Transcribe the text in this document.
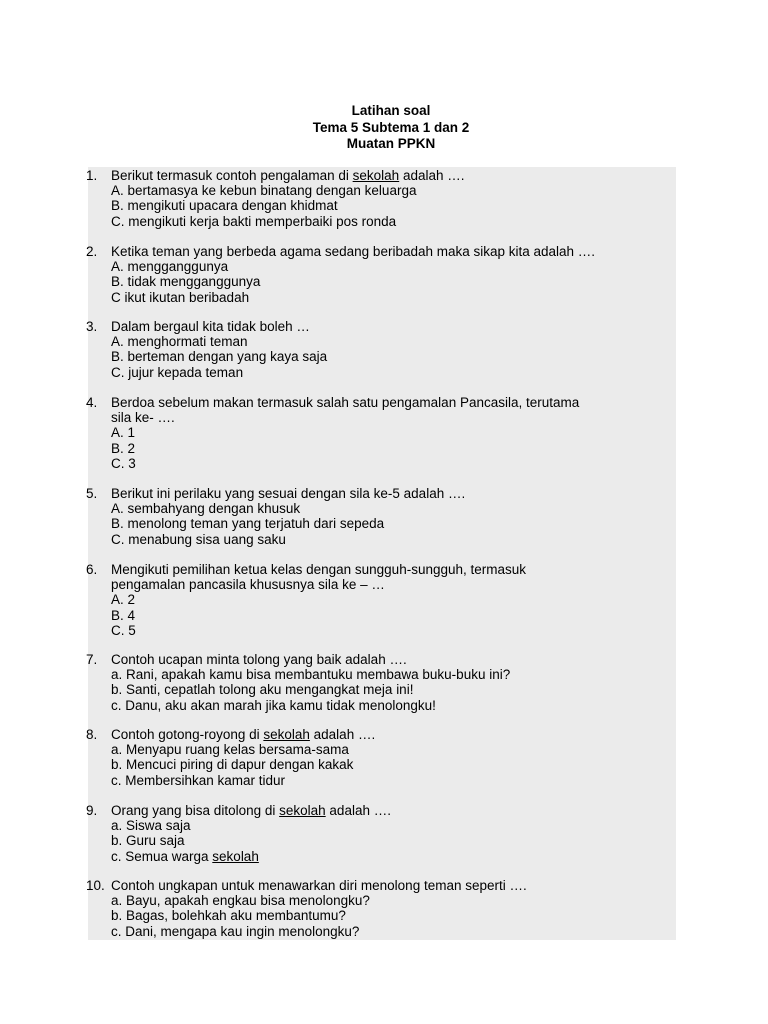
Latihan soal
Tema 5 Subtema 1 dan 2
Muatan PPKN
1.	Berikut termasuk contoh pengalaman di sekolah adalah ….
A. bertamasya ke kebun binatang dengan keluarga
B. mengikuti upacara dengan khidmat
C. mengikuti kerja bakti memperbaiki pos ronda
2.	Ketika teman yang berbeda agama sedang beribadah maka sikap kita adalah ….
A. mengganggunya
B. tidak mengganggunya
C ikut ikutan beribadah
3.	Dalam bergaul kita tidak boleh …
A. menghormati teman
B. berteman dengan yang kaya saja
C. jujur kepada teman
4.	Berdoa sebelum makan termasuk salah satu pengamalan Pancasila, terutama
sila ke- ….
A. 1
B. 2
C. 3
5.	Berikut ini perilaku yang sesuai dengan sila ke-5 adalah ….
A. sembahyang dengan khusuk
B. menolong teman yang terjatuh dari sepeda
C. menabung sisa uang saku
6.	Mengikuti pemilihan ketua kelas dengan sungguh-sungguh, termasuk
pengamalan pancasila khususnya sila ke – …
A. 2
B. 4
C. 5
7.	Contoh ucapan minta tolong yang baik adalah ….
a. Rani, apakah kamu bisa membantuku membawa buku-buku ini?
b. Santi, cepatlah tolong aku mengangkat meja ini!
c. Danu, aku akan marah jika kamu tidak menolongku!
8.	Contoh gotong-royong di sekolah adalah ….
a. Menyapu ruang kelas bersama-sama
b. Mencuci piring di dapur dengan kakak
c. Membersihkan kamar tidur
9.	Orang yang bisa ditolong di sekolah adalah ….
a. Siswa saja
b. Guru saja
c. Semua warga sekolah
10. Contoh ungkapan untuk menawarkan diri menolong teman seperti ….
a. Bayu, apakah engkau bisa menolongku?
b. Bagas, bolehkah aku membantumu?
c. Dani, mengapa kau ingin menolongku?
